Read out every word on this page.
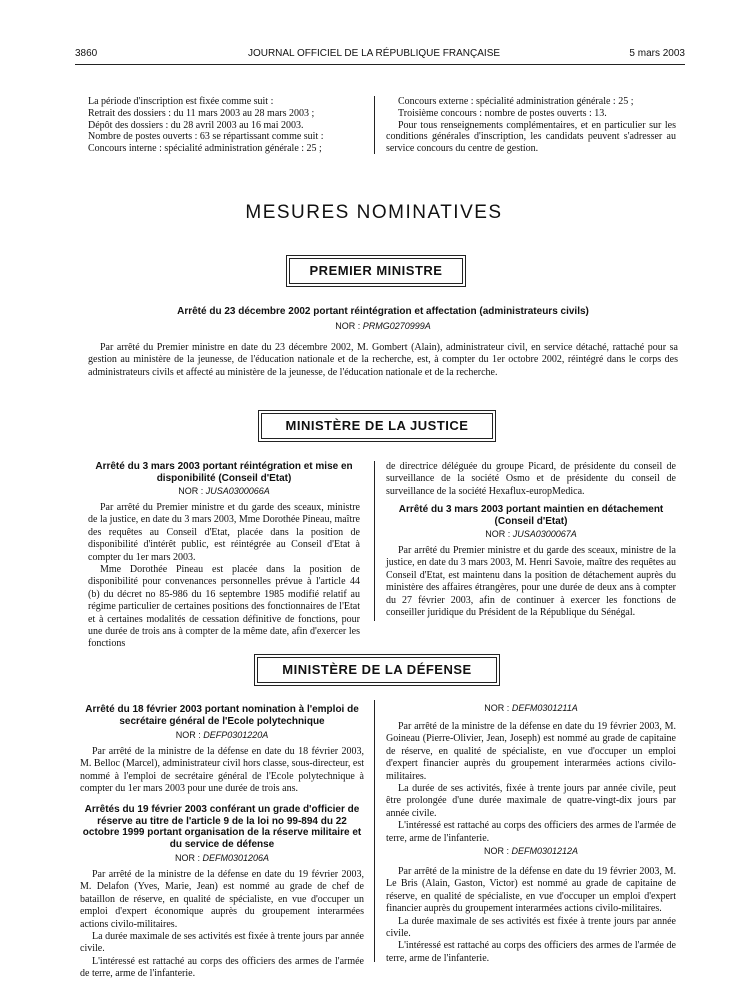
3860	JOURNAL OFFICIEL DE LA RÉPUBLIQUE FRANÇAISE	5 mars 2003

La période d'inscription est fixée comme suit :

Retrait des dossiers : du 11 mars 2003 au 28 mars 2003 ;

Dépôt des dossiers : du 28 avril 2003 au 16 mai 2003.

Nombre de postes ouverts : 63 se répartissant comme suit :

Concours interne : spécialité administration générale : 25 ;

Concours externe : spécialité administration générale : 25 ;

Troisième concours : nombre de postes ouverts : 13.

Pour tous renseignements complémentaires, et en particulier sur les conditions générales d'inscription, les candidats peuvent s'adresser au service concours du centre de gestion.

MESURES NOMINATIVES
PREMIER MINISTRE
Arrêté du 23 décembre 2002 portant réintégration et affectation (administrateurs civils)
NOR : PRMG0270999A

Par arrêté du Premier ministre en date du 23 décembre 2002, M. Gombert (Alain), administrateur civil, en service détaché, rattaché pour sa gestion au ministère de la jeunesse, de l'éducation nationale et de la recherche, est, à compter du 1er octobre 2002, réintégré dans le corps des administrateurs civils et affecté au ministère de la jeunesse, de l'éducation nationale et de la recherche.

MINISTÈRE DE LA JUSTICE
Arrêté du 3 mars 2003 portant réintégration et mise en disponibilité (Conseil d'Etat)
NOR : JUSA0300066A

Par arrêté du Premier ministre et du garde des sceaux, ministre de la justice, en date du 3 mars 2003, Mme Dorothée Pineau, maître des requêtes au Conseil d'Etat, placée dans la position de disponibilité d'intérêt public, est réintégrée au Conseil d'Etat à compter du 1er mars 2003.

Mme Dorothée Pineau est placée dans la position de disponibilité pour convenances personnelles prévue à l'article 44 (b) du décret no 85-986 du 16 septembre 1985 modifié relatif au régime particulier de certaines positions des fonctionnaires de l'Etat et à certaines modalités de cessation définitive de fonctions, pour une durée de trois ans à compter de la même date, afin d'exercer les fonctions

de directrice déléguée du groupe Picard, de présidente du conseil de surveillance de la société Osmo et de présidente du conseil de surveillance de la société Hexaflux-europMedica.

Arrêté du 3 mars 2003 portant maintien en détachement (Conseil d'Etat)
NOR : JUSA0300067A

Par arrêté du Premier ministre et du garde des sceaux, ministre de la justice, en date du 3 mars 2003, M. Henri Savoie, maître des requêtes au Conseil d'Etat, est maintenu dans la position de détachement auprès du ministère des affaires étrangères, pour une durée de deux ans à compter du 27 février 2003, afin de continuer à exercer les fonctions de conseiller juridique du Président de la République du Sénégal.

MINISTÈRE DE LA DÉFENSE
Arrêté du 18 février 2003 portant nomination à l'emploi de secrétaire général de l'Ecole polytechnique
NOR : DEFP0301220A

Par arrêté de la ministre de la défense en date du 18 février 2003, M. Belloc (Marcel), administrateur civil hors classe, sous-directeur, est nommé à l'emploi de secrétaire général de l'Ecole polytechnique à compter du 1er mars 2003 pour une durée de trois ans.

Arrêtés du 19 février 2003 conférant un grade d'officier de réserve au titre de l'article 9 de la loi no 99-894 du 22 octobre 1999 portant organisation de la réserve militaire et du service de défense
NOR : DEFM0301206A

Par arrêté de la ministre de la défense en date du 19 février 2003, M. Delafon (Yves, Marie, Jean) est nommé au grade de chef de bataillon de réserve, en qualité de spécialiste, en vue d'occuper un emploi d'expert économique auprès du groupement interarmées actions civilo-militaires.

La durée maximale de ses activités est fixée à trente jours par année civile.

L'intéressé est rattaché au corps des officiers des armes de l'armée de terre, arme de l'infanterie.

NOR : DEFM0301211A

Par arrêté de la ministre de la défense en date du 19 février 2003, M. Goineau (Pierre-Olivier, Jean, Joseph) est nommé au grade de capitaine de réserve, en qualité de spécialiste, en vue d'occuper un emploi d'expert financier auprès du groupement interarmées actions civilo-militaires.

La durée de ses activités, fixée à trente jours par année civile, peut être prolongée d'une durée maximale de quatre-vingt-dix jours par année civile.

L'intéressé est rattaché au corps des officiers des armes de l'armée de terre, arme de l'infanterie.

NOR : DEFM0301212A

Par arrêté de la ministre de la défense en date du 19 février 2003, M. Le Bris (Alain, Gaston, Victor) est nommé au grade de capitaine de réserve, en qualité de spécialiste, en vue d'occuper un emploi d'expert financier auprès du groupement interarmées actions civilo-militaires.

La durée maximale de ses activités est fixée à trente jours par année civile.

L'intéressé est rattaché au corps des officiers des armes de l'armée de terre, arme de l'infanterie.
